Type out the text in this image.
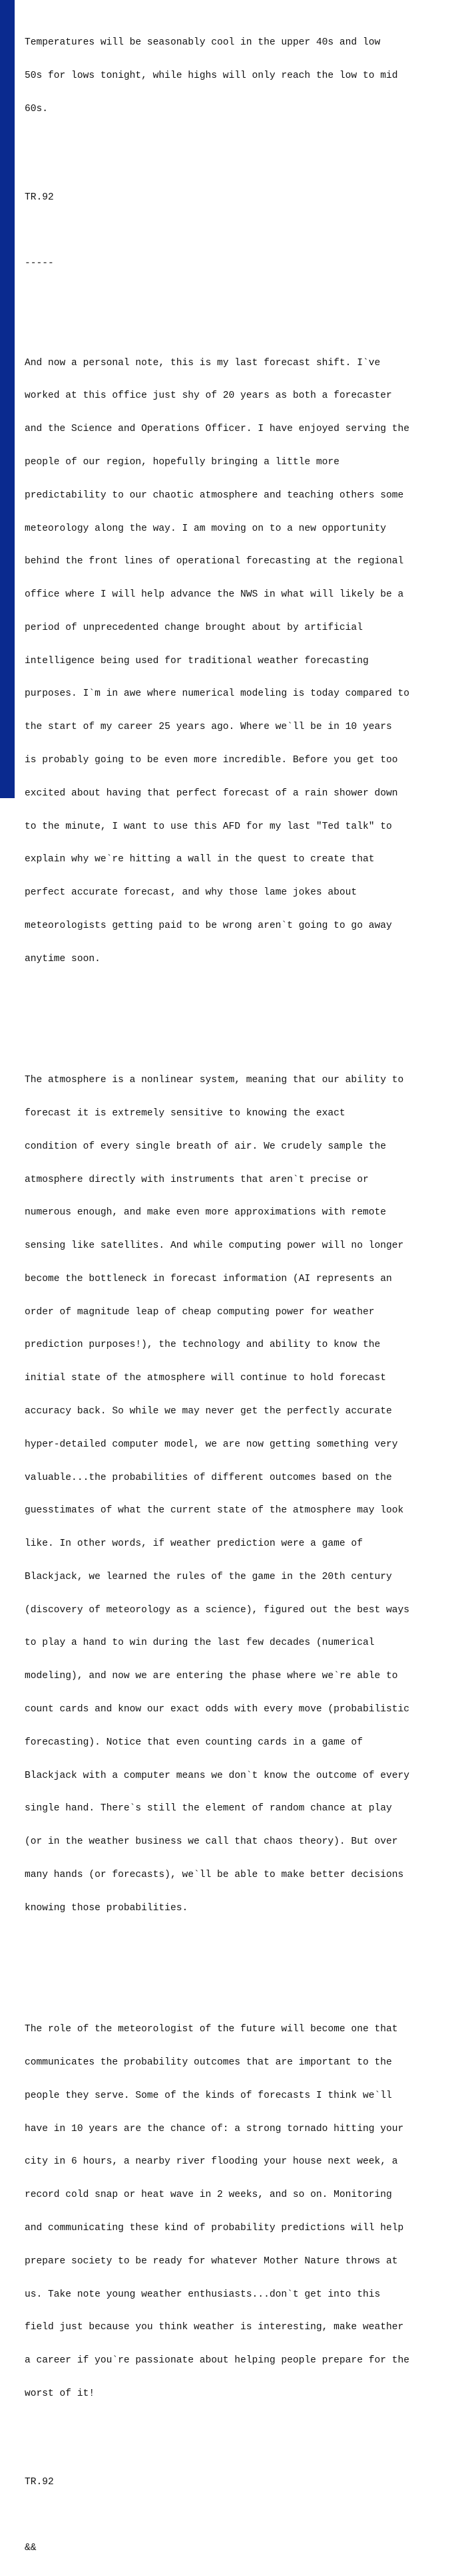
Temperatures will be seasonably cool in the upper 40s and low

50s for lows tonight, while highs will only reach the low to mid

60s.

TR.92

-----

And now a personal note, this is my last forecast shift. I`ve

worked at this office just shy of 20 years as both a forecaster

and the Science and Operations Officer. I have enjoyed serving the

people of our region, hopefully bringing a little more

predictability to our chaotic atmosphere and teaching others some

meteorology along the way. I am moving on to a new opportunity

behind the front lines of operational forecasting at the regional

office where I will help advance the NWS in what will likely be a

period of unprecedented change brought about by artificial

intelligence being used for traditional weather forecasting

purposes. I`m in awe where numerical modeling is today compared to

the start of my career 25 years ago. Where we`ll be in 10 years

is probably going to be even more incredible. Before you get too

excited about having that perfect forecast of a rain shower down

to the minute, I want to use this AFD for my last "Ted talk" to

explain why we`re hitting a wall in the quest to create that

perfect accurate forecast, and why those lame jokes about

meteorologists getting paid to be wrong aren`t going to go away

anytime soon.

The atmosphere is a nonlinear system, meaning that our ability to

forecast it is extremely sensitive to knowing the exact

condition of every single breath of air. We crudely sample the

atmosphere directly with instruments that aren`t precise or

numerous enough, and make even more approximations with remote

sensing like satellites. And while computing power will no longer

become the bottleneck in forecast information (AI represents an

order of magnitude leap of cheap computing power for weather

prediction purposes!), the technology and ability to know the

initial state of the atmosphere will continue to hold forecast

accuracy back. So while we may never get the perfectly accurate

hyper-detailed computer model, we are now getting something very

valuable...the probabilities of different outcomes based on the

guesstimates of what the current state of the atmosphere may look

like. In other words, if weather prediction were a game of

Blackjack, we learned the rules of the game in the 20th century

(discovery of meteorology as a science), figured out the best ways

to play a hand to win during the last few decades (numerical

modeling), and now we are entering the phase where we`re able to

count cards and know our exact odds with every move (probabilistic

forecasting). Notice that even counting cards in a game of

Blackjack with a computer means we don`t know the outcome of every

single hand. There`s still the element of random chance at play

(or in the weather business we call that chaos theory). But over

many hands (or forecasts), we`ll be able to make better decisions

knowing those probabilities.

The role of the meteorologist of the future will become one that

communicates the probability outcomes that are important to the

people they serve. Some of the kinds of forecasts I think we`ll

have in 10 years are the chance of: a strong tornado hitting your

city in 6 hours, a nearby river flooding your house next week, a

record cold snap or heat wave in 2 weeks, and so on. Monitoring

and communicating these kind of probability predictions will help

prepare society to be ready for whatever Mother Nature throws at

us. Take note young weather enthusiasts...don`t get into this

field just because you think weather is interesting, make weather

a career if you`re passionate about helping people prepare for the

worst of it!

TR.92

&&
